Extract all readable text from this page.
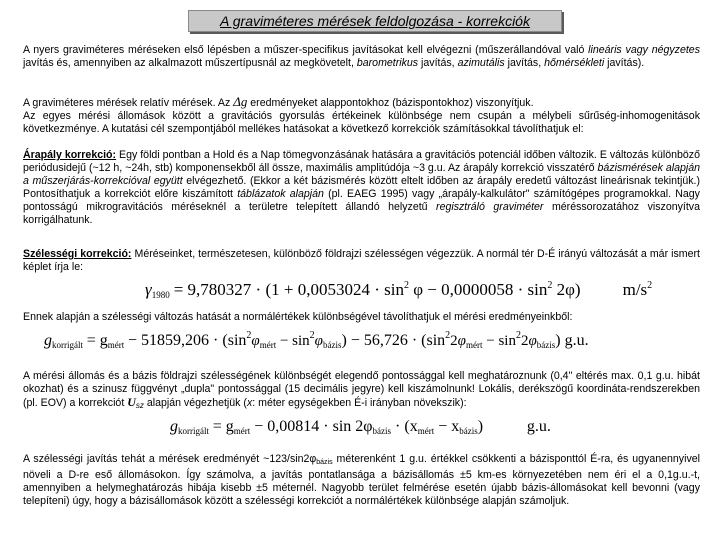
A graviméteres mérések feldolgozása - korrekciók
A nyers graviméteres méréseken első lépésben a műszer-specifikus javításokat kell elvégezni (műszerállandóval való lineáris vagy négyzetes javítás és, amennyiben az alkalmazott műszertípusnál az megkövetelt, barometrikus javítás, azimutális javítás, hőmérsékleti javítás).
A graviméteres mérések relatív mérések. Az Δg eredményeket alappontokhoz (bázispontokhoz) viszonyítjuk.
Az egyes mérési állomások között a gravitációs gyorsulás értékeinek különbsége nem csupán a mélybeli sűrűség-inhomogenitások következménye. A kutatási cél szempontjából mellékes hatásokat a következő korrekciók számításokkal távolíthatjuk el:
Árapály korrekció: Egy földi pontban a Hold és a Nap tömegvonzásának hatására a gravitációs potenciál időben változik. E változás különböző periódusidejű (~12 h, ~24h, stb) komponensekből áll össze, maximális amplitúdója ~3 g.u. Az árapály korrekció visszatérő bázismérések alapján a műszerjárás-korrekcióval együtt elvégezhető. (Ekkor a két bázismérés között eltelt időben az árapály eredetű változást lineárisnak tekintjük.) Pontosíthatjuk a korrekciót előre kiszámított táblázatok alapján (pl. EAEG 1995) vagy „árapály-kalkulátor" számítógépes programokkal. Nagy pontosságú mikrogravitációs méréseknél a területre telepített állandó helyzetű regisztráló graviméter méréssorozatához viszonyítva korrigálhatunk.
Szélességi korrekció: Méréseinket, természetesen, különböző földrajzi szélességen végezzük. A normál tér D-É irányú változását a már ismert képlet írja le:
$\gamma_{1980} = 9,780327 \cdot (1 + 0,0053024 \cdot \sin^2 \varphi - 0,0000058 \cdot \sin^2 2\varphi)$ $m/s^2$
Ennek alapján a szélességi változás hatását a normálértékek különbségével távolíthatjuk el mérési eredményeinkből:
$g_{korrigált} = g_{mért} - 51859,206 \cdot (\sin^2\varphi_{mért} - \sin^2\varphi_{bázis}) - 56,726 \cdot (\sin^22\varphi_{mért} - \sin^22\varphi_{bázis})$ g.u.
A mérési állomás és a bázis földrajzi szélességének különbségét elegendő pontossággal kell meghatároznunk (0,4" eltérés max. 0,1 g.u. hibát okozhat) és a szinusz függvényt „dupla" pontossággal (15 decimális jegyre) kell kiszámolnunk! Lokális, derékszögű koordináta-rendszerekben (pl. EOV) a korrekciót Usz alapján végezhetjük (x: méter egységekben É-i irányban növekszik):
$g_{korrigált} = g_{mért} - 0,00814 \cdot \sin 2\varphi_{bázis} \cdot (x_{mért} - x_{bázis})$	g.u.
A szélességi javítás tehát a mérések eredményét ~123/sin2φbázis méterenként 1 g.u. értékkel csökkenti a bázisponttól É-ra, és ugyanennyivel növeli a D-re eső állomásokon. Így számolva, a javítás pontatlansága a bázisállomás ±5 km-es környezetében nem éri el a 0,1g.u.-t, amennyiben a helymeghatározás hibája kisebb ±5 méternél. Nagyobb terület felmérése esetén újabb bázis-állomásokat kell bevonni (vagy telepíteni) úgy, hogy a bázisállomások között a szélességi korrekciót a normálértékek különbsége alapján számoljuk.
